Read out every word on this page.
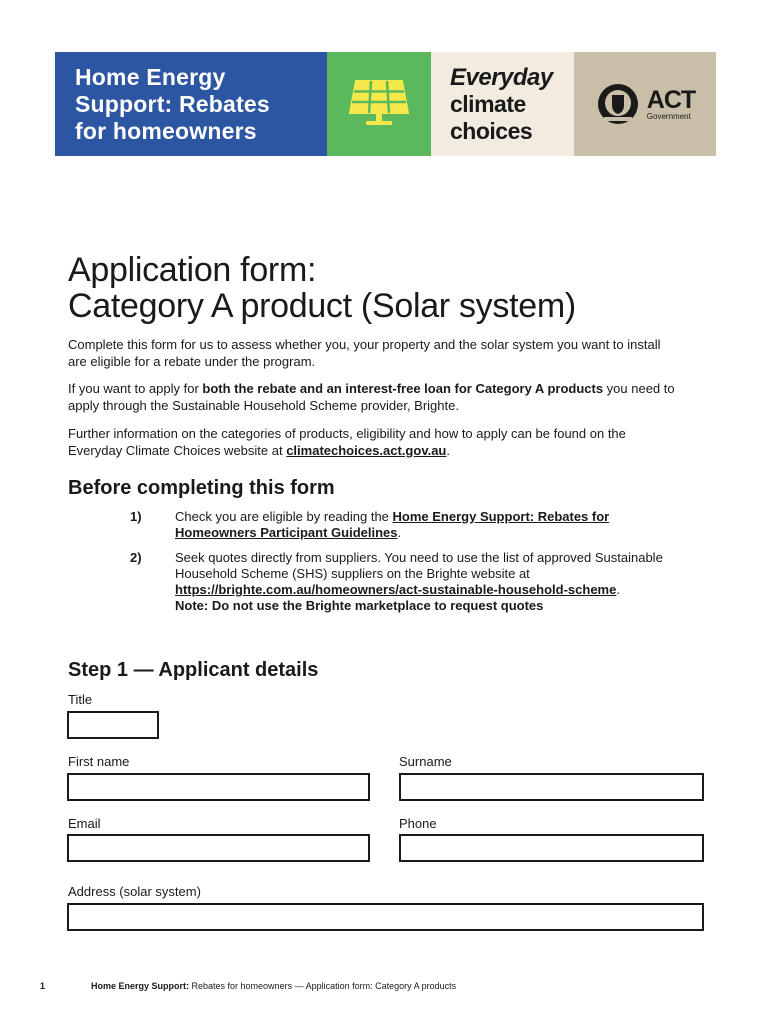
Home Energy
Support: Rebates
for homeowners
Everyday
climate
choices
ACT
Government
Application form:
Category A product (Solar system)

Complete this form for us to assess whether you, your property and the solar system you want to install are eligible for a rebate under the program.

If you want to apply for both the rebate and an interest-free loan for Category A products you need to apply through the Sustainable Household Scheme provider, Brighte.

Further information on the categories of products, eligibility and how to apply can be found on the Everyday Climate Choices website at climatechoices.act.gov.au.

Before completing this form
1)	Check you are eligible by reading the Home Energy Support: Rebates for Homeowners Participant Guidelines.
2)	Seek quotes directly from suppliers. You need to use the list of approved Sustainable Household Scheme (SHS) suppliers on the Brighte website at https://brighte.com.au/homeowners/act-sustainable-household-scheme.
Note: Do not use the Brighte marketplace to request quotes
Step 1 — Applicant details
Title
First name	Surname
Email	Phone
Address (solar system)
1	Home Energy Support: Rebates for homeowners — Application form: Category A products
